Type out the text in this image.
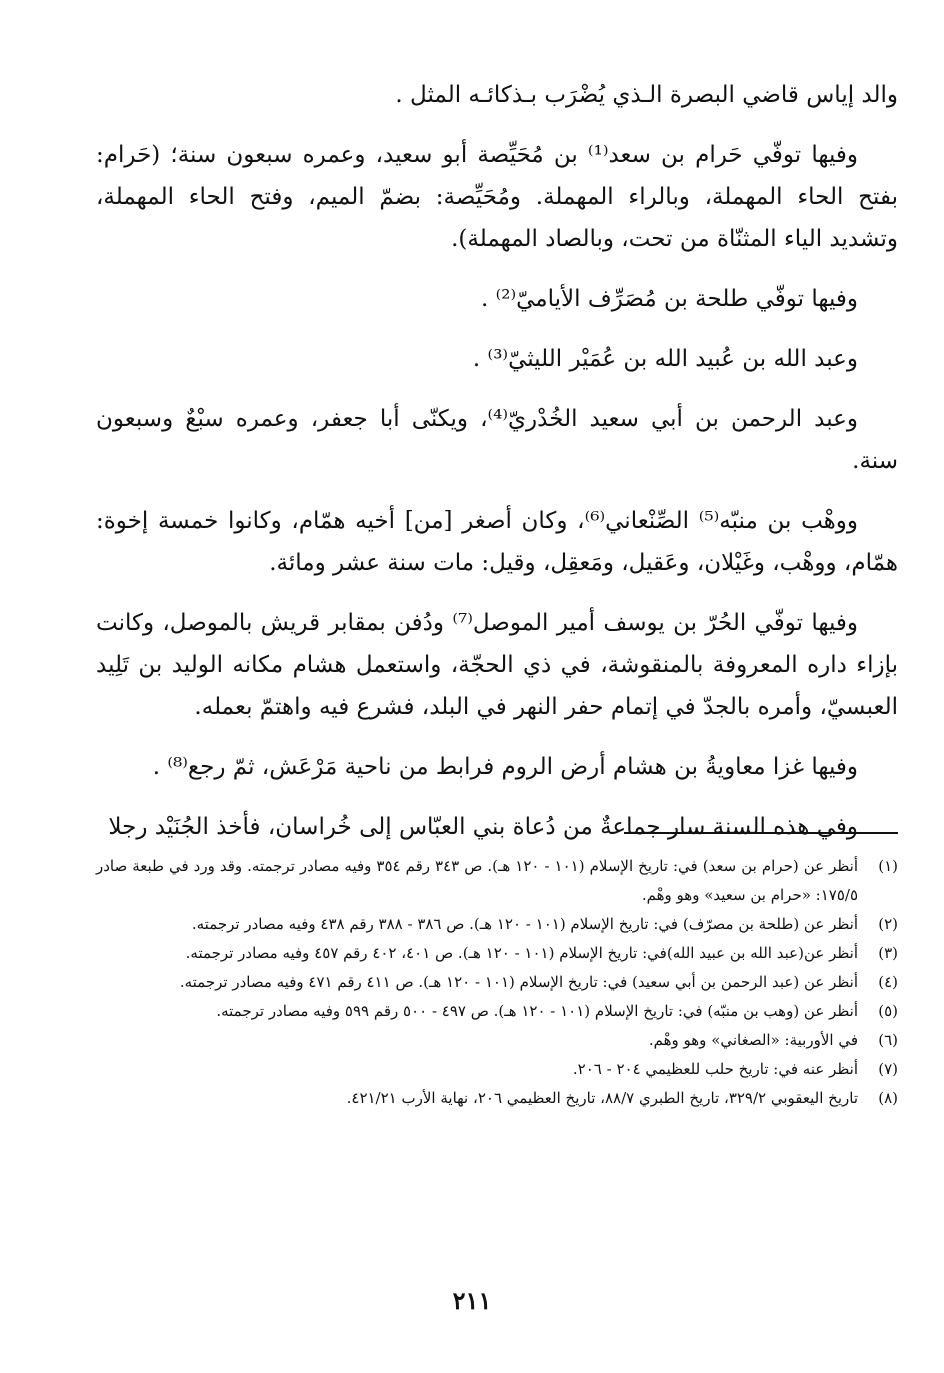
والد إياس قاضي البصرة الـذي يُضْرَب بـذكائـه المثل .

وفيها توفّي حَرام بن سعد⁽¹⁾ بن مُحَيِّصة أبو سعيد، وعمره سبعون سنة؛ (حَرام: بفتح الحاء المهملة، وبالراء المهملة. ومُحَيِّصة: بضمّ الميم، وفتح الحاء المهملة، وتشديد الياء المثنّاة من تحت، وبالصاد المهملة).

وفيها توفّي طلحة بن مُصَرِّف الأياميّ⁽²⁾ .

وعبد الله بن عُبيد الله بن عُمَيْر الليثيّ⁽³⁾ .

وعبد الرحمن بن أبي سعيد الخُدْريّ⁽⁴⁾، ويكنّى أبا جعفر، وعمره سبْعٌ وسبعون سنة.

ووهْب بن منبّه⁽⁵⁾ الصِّنْعاني⁽⁶⁾، وكان أصغر [من] أخيه همّام، وكانوا خمسة إخوة: همّام، ووهْب، وغَيْلان، وعَقيل، ومَعقِل، وقيل: مات سنة عشر ومائة.

وفيها توفّي الحُرّ بن يوسف أمير الموصل⁽⁷⁾ ودُفن بمقابر قريش بالموصل، وكانت بإزاء داره المعروفة بالمنقوشة، في ذي الحجّة، واستعمل هشام مكانه الوليد بن تَلِيد العبسيّ، وأمره بالجدّ في إتمام حفر النهر في البلد، فشرع فيه واهتمّ بعمله.

وفيها غزا معاويةُ بن هشام أرض الروم فرابط من ناحية مَرْعَش، ثمّ رجع⁽⁸⁾ .

وفي هذه السنة سار جماعةٌ من دُعاة بني العبّاس إلى خُراسان، فأخذ الجُنَيْد رجلا

(١)
أنظر عن (حرام بن سعد) في: تاريخ الإسلام (١٠١ - ١٢٠ هـ). ص ٣٤٣ رقم ٣٥٤ وفيه مصادر ترجمته. وقد ورد في طبعة صادر ١٧٥/٥: «حرام بن سعيد» وهو وهْم.
(٢)
أنظر عن (طلحة بن مصرّف) في: تاريخ الإسلام (١٠١ - ١٢٠ هـ). ص ٣٨٦ - ٣٨٨ رقم ٤٣٨ وفيه مصادر ترجمته.
(٣)
أنظر عن(عبد الله بن عبيد الله)في: تاريخ الإسلام (١٠١ - ١٢٠ هـ). ص ٤٠١، ٤٠٢ رقم ٤٥٧ وفيه مصادر ترجمته.
(٤)
أنظر عن (عبد الرحمن بن أبي سعيد) في: تاريخ الإسلام (١٠١ - ١٢٠ هـ). ص ٤١١ رقم ٤٧١ وفيه مصادر ترجمته.
(٥)
أنظر عن (وهب بن منبّه) في: تاريخ الإسلام (١٠١ - ١٢٠ هـ). ص ٤٩٧ - ٥٠٠ رقم ٥٩٩ وفيه مصادر ترجمته.
(٦)
في الأوربية: «الصغاني» وهو وهْم.
(٧)
أنظر عنه في: تاريخ حلب للعظيمي ٢٠٤ - ٢٠٦.
(٨)
تاريخ اليعقوبي ٣٢٩/٢، تاريخ الطبري ٨٨/٧، تاريخ العظيمي ٢٠٦، نهاية الأرب ٤٢١/٢١.
٢١١
